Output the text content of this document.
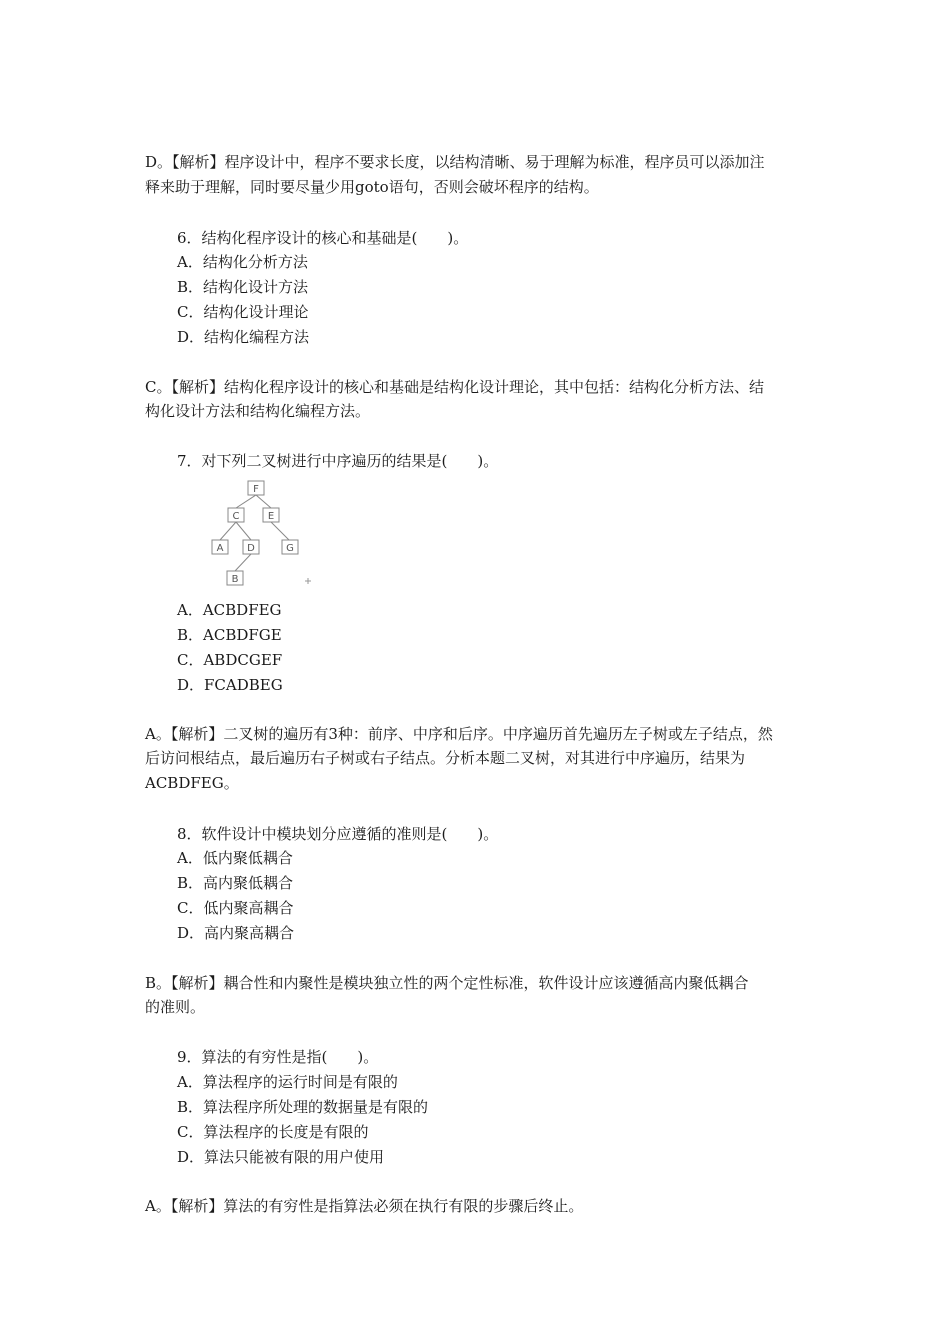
D。【解析】程序设计中，程序不要求长度，以结构清晰、易于理解为标准，程序员可以添加注
释来助于理解，同时要尽量少用goto语句，否则会破坏程序的结构。
6．结构化程序设计的核心和基础是(　　)。
A．结构化分析方法
B．结构化设计方法
C．结构化设计理论
D．结构化编程方法
C。【解析】结构化程序设计的核心和基础是结构化设计理论，其中包括：结构化分析方法、结
构化设计方法和结构化编程方法。
7．对下列二叉树进行中序遍历的结果是(　　)。
F
C	E
A D	G
B
A．ACBDFEG
B．ACBDFGE
C．ABDCGEF
D．FCADBEG
A。【解析】二叉树的遍历有3种：前序、中序和后序。中序遍历首先遍历左子树或左子结点，然
后访问根结点，最后遍历右子树或右子结点。分析本题二叉树，对其进行中序遍历，结果为
ACBDFEG。
8．软件设计中模块划分应遵循的准则是(　　)。
A．低内聚低耦合
B．高内聚低耦合
C．低内聚高耦合
D．高内聚高耦合
B。【解析】耦合性和内聚性是模块独立性的两个定性标准，软件设计应该遵循高内聚低耦合
的准则。
9．算法的有穷性是指(　　)。
A．算法程序的运行时间是有限的
B．算法程序所处理的数据量是有限的
C．算法程序的长度是有限的
D．算法只能被有限的用户使用
A。【解析】算法的有穷性是指算法必须在执行有限的步骤后终止。
